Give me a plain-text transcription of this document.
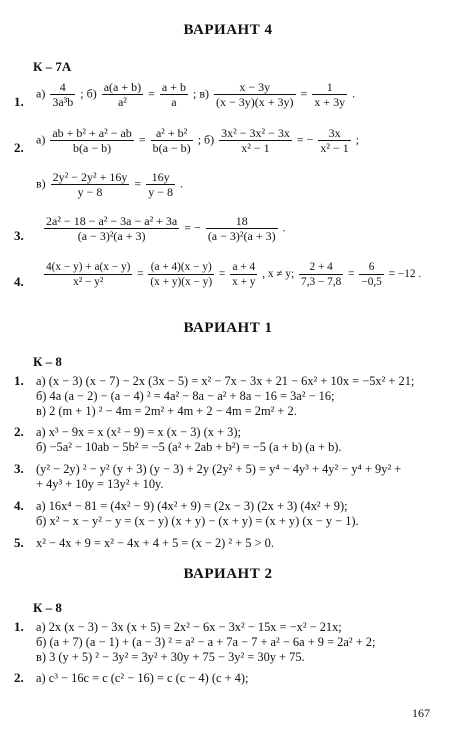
ВАРИАНТ 4
К – 7А
1.
$а) \frac{4}{\text{3a³b}}$ ; $б) \frac{a(a + b)}{\text{a²}} = \frac{a + b}{a}$ ; $в) \frac{x - 3y}{(x - 3y)(x + 3y)} = \frac{1}{x + 3y}$ .
2.
$а) \frac{\text{ab + b² + a² − ab}}{b(a - b)} = \frac{\text{a² + b²}}{b(a - b)}$ ; $б) \frac{\text{3x² − 3x² − 3x}}{\text{x² − 1}}$ = − $\frac{3x}{\text{x² − 1}}$ ;
$в) \frac{\text{2y² − 2y² + 16y}}{y - 8} = \frac{16y}{y - 8}$ .
3. $\frac{\text{2a² − 18 − a² − 3a − a² + 3a}}{\text{(a − 3)²(a + 3)}}$ = − $\frac{18}{\text{(a − 3)²(a + 3)}}$ .
4. $\frac{4(x - y) + a(x - y)}{\text{x² − y²}} = \frac{(a + 4)(x - y)}{(x + y)(x - y)} = \frac{a + 4}{x + y}$ , x ≠ y; $\frac{2 + 4}{7,3 - 7,8} = \frac{6}{-0,5} = -12$ .
ВАРИАНТ 1
К – 8
1. а) (x − 3) (x − 7) − 2x (3x − 5) = x² − 7x − 3x + 21 − 6x² + 10x = −5x² + 21;
б) 4a (a − 2) − (a − 4) ² = 4a² − 8a − a² + 8a − 16 = 3a² − 16;
в) 2 (m + 1) ² − 4m = 2m² + 4m + 2 − 4m = 2m² + 2.
2. а) x³ − 9x = x (x² − 9) = x (x − 3) (x + 3);
б) −5a² − 10ab − 5b² = −5 (a² + 2ab + b²) = −5 (a + b) (a + b).
3. (y² − 2y) ² − y² (y + 3) (y − 3) + 2y (2y² + 5) = y⁴ − 4y³ + 4y² − y⁴ + 9y² +
+ 4y³ + 10y = 13y² + 10y.
4. а) 16x⁴ − 81 = (4x² − 9) (4x² + 9) = (2x − 3) (2x + 3) (4x² + 9);
б) x² − x − y² − y = (x − y) (x + y) − (x + y) = (x + y) (x − y − 1).
5. x² − 4x + 9 = x² − 4x + 4 + 5 = (x − 2) ² + 5 > 0.
ВАРИАНТ 2
К – 8
1. а) 2x (x − 3) − 3x (x + 5) = 2x² − 6x − 3x² − 15x = −x² − 21x;
б) (a + 7) (a − 1) + (a − 3) ² = a² − a + 7a − 7 + a² − 6a + 9 = 2a² + 2;
в) 3 (y + 5) ² − 3y² = 3y² + 30y + 75 − 3y² = 30y + 75.
2. а) c³ − 16c = c (c² − 16) = c (c − 4) (c + 4);
167
